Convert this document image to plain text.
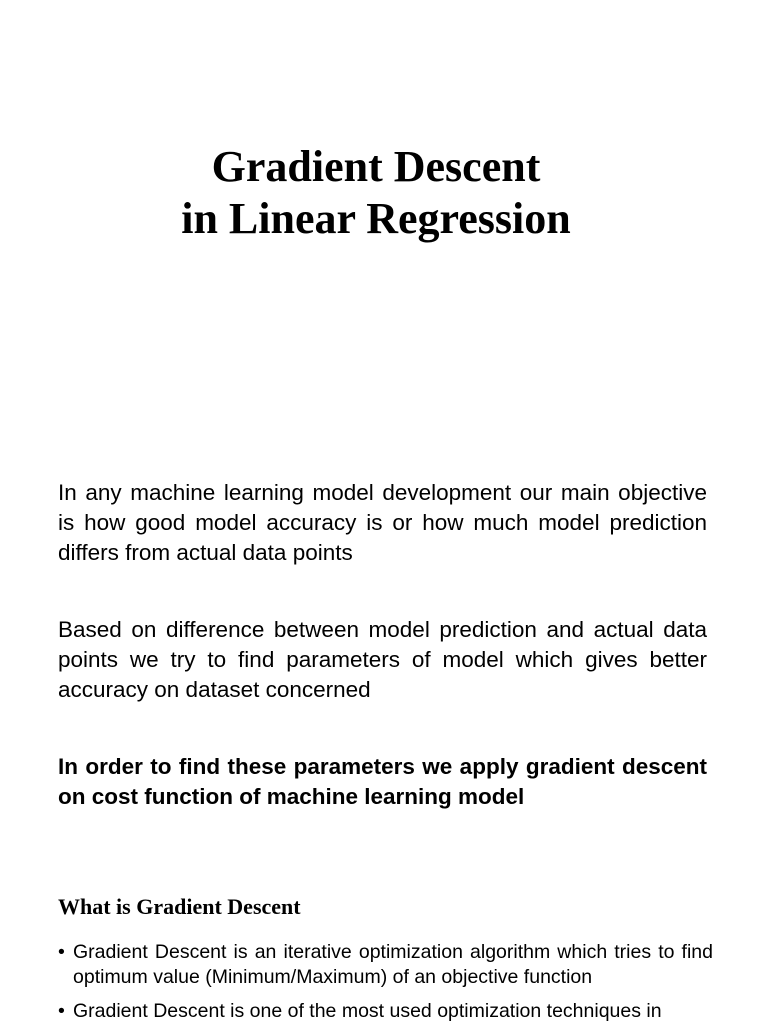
Gradient Descent
in Linear Regression

In any machine learning model development our main objective is how good model accuracy is or how much model prediction differs from actual data points

Based on difference between model prediction and actual data points we try to find parameters of model which gives better accuracy on dataset concerned

In order to find these parameters we apply gradient descent on cost function of machine learning model

What is Gradient Descent
• Gradient Descent is an iterative optimization algorithm which tries to find optimum value (Minimum/Maximum) of an objective function
• Gradient Descent is one of the most used optimization techniques in
